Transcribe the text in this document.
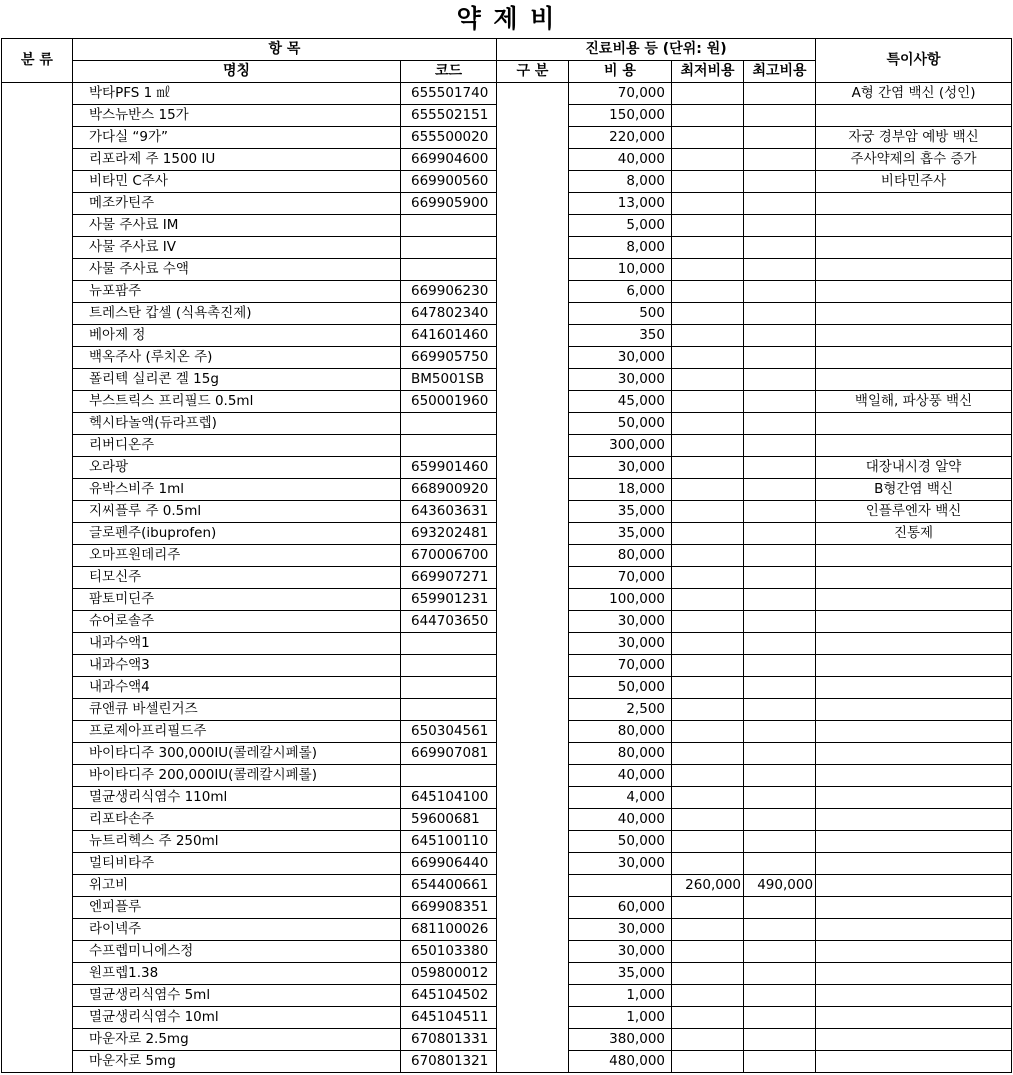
약 제 비
분 류	항 목		진료비용 등 (단위: 원)				특이사항
	명칭	코드	구 분	비 용	최저비용	최고비용	
	박타PFS 1 ㎖	655501740		70,000			A형 간염 백신 (성인)
	박스뉴반스 15가	655502151		150,000			
	가다실 “9가”	655500020		220,000			자궁 경부암 예방 백신
	리포라제 주 1500 IU	669904600		40,000			주사약제의 흡수 증가
	비타민 C주사	669900560		8,000			비타민주사
	메조카틴주	669905900		13,000			
	사물 주사료 IM			5,000			
	사물 주사료 IV			8,000			
	사물 주사료 수액			10,000			
	뉴포팜주	669906230		6,000			
	트레스탄 캅셀 (식욕촉진제)	647802340		500			
	베아제 정	641601460		350			
	백옥주사 (루치온 주)	669905750		30,000			
	폴리텍 실리콘 겔 15g	BM5001SB		30,000			
	부스트릭스 프리필드 0.5ml	650001960		45,000			백일해, 파상풍 백신
	헥시타놀액(듀라프렙)			50,000			
	리버디온주			300,000			
	오라팡	659901460		30,000			대장내시경 알약
	유박스비주 1ml	668900920		18,000			B형간염 백신
	지씨플루 주 0.5ml	643603631		35,000			인플루엔자 백신
	글로펜주(ibuprofen)	693202481		35,000			진통제
	오마프원데리주	670006700		80,000			
	티모신주	669907271		70,000			
	팜토미딘주	659901231		100,000			
	슈어로솔주	644703650		30,000			
	내과수액1			30,000			
	내과수액3			70,000			
	내과수액4			50,000			
	큐앤큐 바셀린거즈			2,500			
	프로제아프리필드주	650304561		80,000			
	바이타디주 300,000IU(콜레칼시페롤)	669907081		80,000			
	바이타디주 200,000IU(콜레칼시페롤)			40,000			
	멸균생리식염수 110ml	645104100		4,000			
	리포타손주	59600681		40,000			
	뉴트리헥스 주 250ml	645100110		50,000			
	멀티비타주	669906440		30,000			
	위고비	654400661			260,000	490,000	
	엔피플루	669908351		60,000			
	라이넥주	681100026		30,000			
	수프렙미니에스정	650103380		30,000			
	원프렙1.38	059800012		35,000			
	멸균생리식염수 5ml	645104502		1,000			
	멸균생리식염수 10ml	645104511		1,000			
	마운자로 2.5mg	670801331		380,000			
	마운자로 5mg	670801321		480,000			
